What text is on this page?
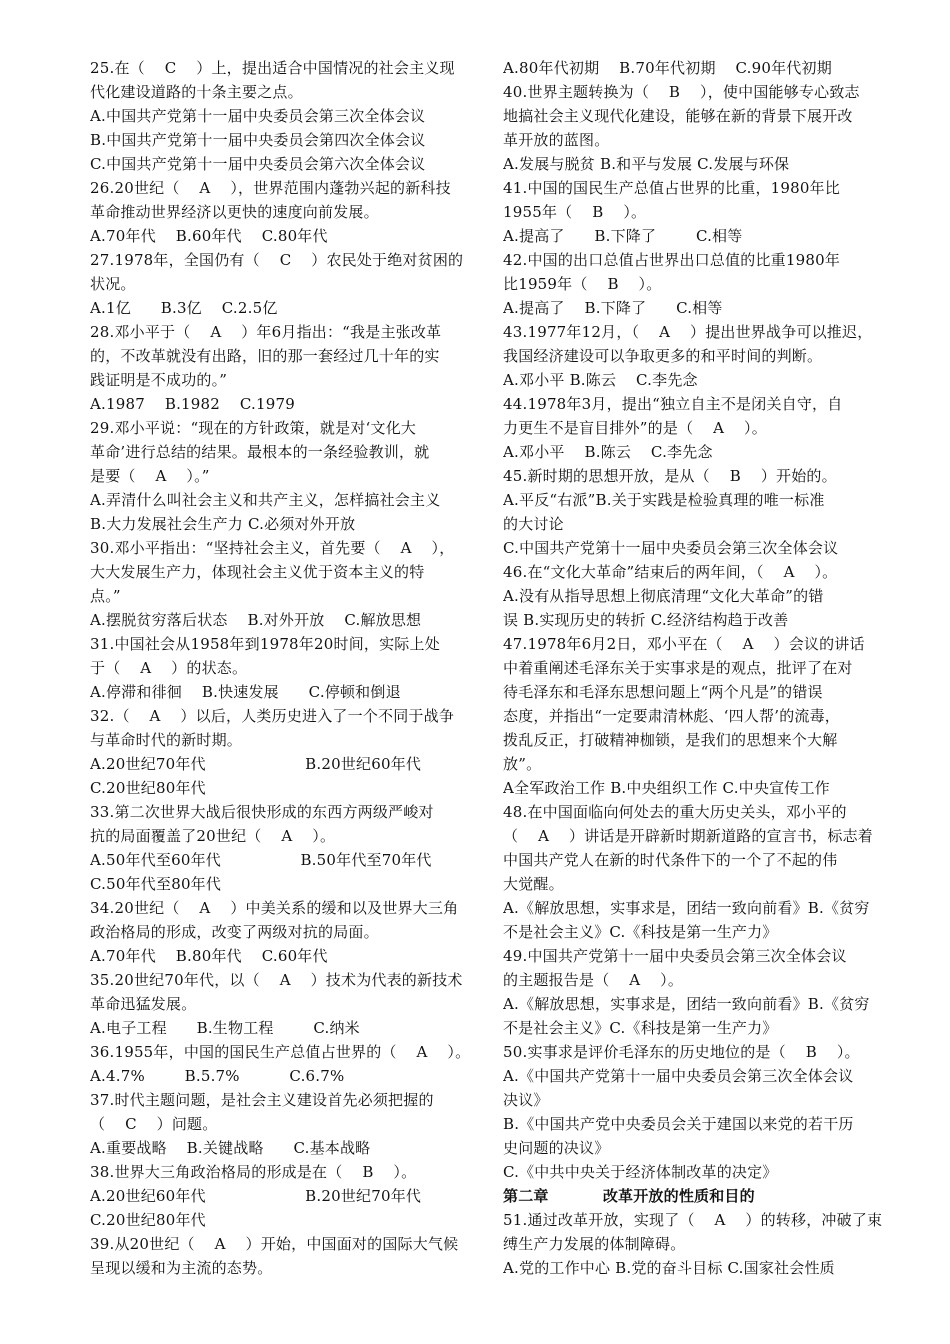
25.在（    C    ）上，提出适合中国情况的社会主义现
代化建设道路的十条主要之点。
A.中国共产党第十一届中央委员会第三次全体会议
B.中国共产党第十一届中央委员会第四次全体会议
C.中国共产党第十一届中央委员会第六次全体会议
26.20世纪（    A    ），世界范围内蓬勃兴起的新科技
革命推动世界经济以更快的速度向前发展。
A.70年代    B.60年代    C.80年代
27.1978年，全国仍有（    C    ）农民处于绝对贫困的
状况。
A.1亿      B.3亿    C.2.5亿
28.邓小平于（    A    ）年6月指出：“我是主张改革
的，不改革就没有出路，旧的那一套经过几十年的实
践证明是不成功的。”
A.1987    B.1982    C.1979
29.邓小平说：“现在的方针政策，就是对‘文化大
革命’进行总结的结果。最根本的一条经验教训，就
是要（    A    ）。”
A.弄清什么叫社会主义和共产主义，怎样搞社会主义
B.大力发展社会生产力 C.必须对外开放
30.邓小平指出：“坚持社会主义，首先要（    A    ），
大大发展生产力，体现社会主义优于资本主义的特
点。”
A.摆脱贫穷落后状态    B.对外开放    C.解放思想
31.中国社会从1958年到1978年20时间，实际上处
于（    A    ）的状态。
A.停滞和徘徊    B.快速发展      C.停顿和倒退
32.（    A    ）以后，人类历史进入了一个不同于战争
与革命时代的新时期。
A.20世纪70年代                    B.20世纪60年代
C.20世纪80年代
33.第二次世界大战后很快形成的东西方两级严峻对
抗的局面覆盖了20世纪（    A    ）。
A.50年代至60年代                B.50年代至70年代
C.50年代至80年代
34.20世纪（    A    ）中美关系的缓和以及世界大三角
政治格局的形成，改变了两级对抗的局面。
A.70年代    B.80年代    C.60年代
35.20世纪70年代，以（    A    ）技术为代表的新技术
革命迅猛发展。
A.电子工程      B.生物工程        C.纳米
36.1955年，中国的国民生产总值占世界的（    A    ）。
A.4.7%        B.5.7%          C.6.7%
37.时代主题问题，是社会主义建设首先必须把握的
（    C    ）问题。
A.重要战略    B.关键战略      C.基本战略
38.世界大三角政治格局的形成是在（    B    ）。
A.20世纪60年代                    B.20世纪70年代
C.20世纪80年代
39.从20世纪（    A    ）开始，中国面对的国际大气候
呈现以缓和为主流的态势。
A.80年代初期    B.70年代初期    C.90年代初期
40.世界主题转换为（    B    ），使中国能够专心致志
地搞社会主义现代化建设，能够在新的背景下展开改
革开放的蓝图。
A.发展与脱贫 B.和平与发展 C.发展与环保
41.中国的国民生产总值占世界的比重，1980年比
1955年（    B    ）。
A.提高了      B.下降了        C.相等
42.中国的出口总值占世界出口总值的比重1980年
比1959年（    B    ）。
A.提高了    B.下降了      C.相等
43.1977年12月，（    A    ）提出世界战争可以推迟，
我国经济建设可以争取更多的和平时间的判断。
A.邓小平 B.陈云    C.李先念
44.1978年3月，提出“独立自主不是闭关自守，自
力更生不是盲目排外”的是（    A    ）。
A.邓小平    B.陈云    C.李先念
45.新时期的思想开放，是从（    B    ）开始的。
A.平反“右派”B.关于实践是检验真理的唯一标准
的大讨论
C.中国共产党第十一届中央委员会第三次全体会议
46.在“文化大革命”结束后的两年间，（    A    ）。
A.没有从指导思想上彻底清理“文化大革命”的错
误 B.实现历史的转折 C.经济结构趋于改善
47.1978年6月2日，邓小平在（    A    ）会议的讲话
中着重阐述毛泽东关于实事求是的观点，批评了在对
待毛泽东和毛泽东思想问题上“两个凡是”的错误
态度，并指出“一定要肃清林彪、‘四人帮’的流毒，
拨乱反正，打破精神枷锁，是我们的思想来个大解
放”。
A全军政治工作 B.中央组织工作 C.中央宣传工作
48.在中国面临向何处去的重大历史关头，邓小平的
（    A    ）讲话是开辟新时期新道路的宣言书，标志着
中国共产党人在新的时代条件下的一个了不起的伟
大觉醒。
A.《解放思想，实事求是，团结一致向前看》B.《贫穷
不是社会主义》C.《科技是第一生产力》
49.中国共产党第十一届中央委员会第三次全体会议
的主题报告是（    A    ）。
A.《解放思想，实事求是，团结一致向前看》B.《贫穷
不是社会主义》C.《科技是第一生产力》
50.实事求是评价毛泽东的历史地位的是（    B    ）。
A.《中国共产党第十一届中央委员会第三次全体会议
决议》
B.《中国共产党中央委员会关于建国以来党的若干历
史问题的决议》
C.《中共中央关于经济体制改革的决定》
第二章          改革开放的性质和目的
51.通过改革开放，实现了（    A    ）的转移，冲破了束
缚生产力发展的体制障碍。
A.党的工作中心 B.党的奋斗目标 C.国家社会性质
